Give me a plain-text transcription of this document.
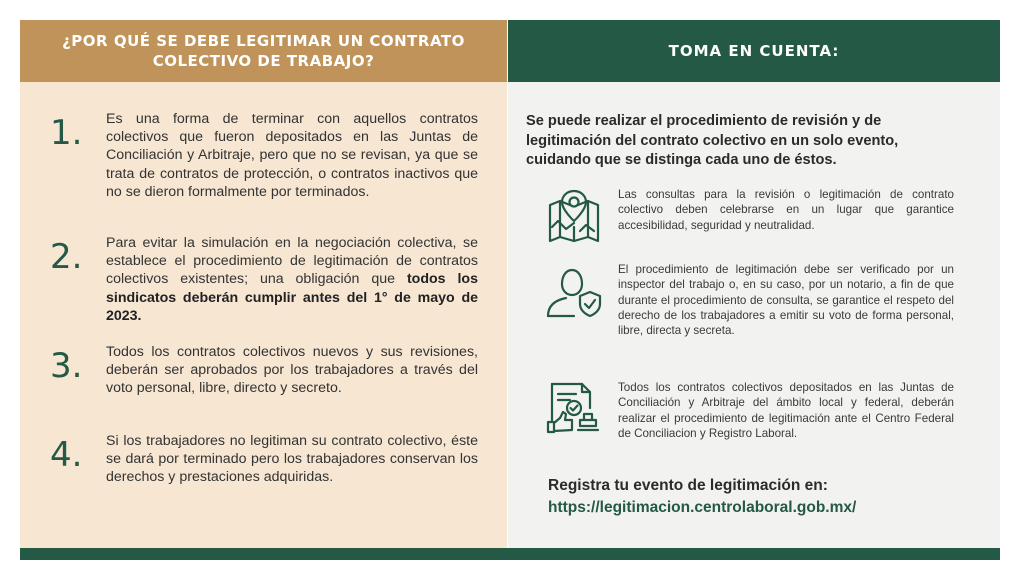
¿POR QUÉ SE DEBE LEGITIMAR UN CONTRATO COLECTIVO DE TRABAJO?
TOMA EN CUENTA:
1.	Es una forma de terminar con aquellos contratos colectivos que fueron depositados en las Juntas de Conciliación y Arbitraje, pero que no se revisan, ya que se trata de contratos de protección, o contratos inactivos que no se dieron formalmente por terminados.
2.	Para evitar la simulación en la negociación colectiva, se establece el procedimiento de legitimación de contratos colectivos existentes; una obligación que todos los sindicatos deberán cumplir antes del 1° de mayo de 2023.
3.	Todos los contratos colectivos nuevos y sus revisiones, deberán ser aprobados por los trabajadores a través del voto personal, libre, directo y secreto.
4.	Si los trabajadores no legitiman su contrato colectivo, éste se dará por terminado pero los trabajadores conservan los derechos y prestaciones adquiridas.
Se puede realizar el procedimiento de revisión y de legitimación del contrato colectivo en un solo evento, cuidando que se distinga cada uno de éstos.
Las consultas para la revisión o legitimación de contrato colectivo deben celebrarse en un lugar que garantice accesibilidad, seguridad y neutralidad.
El procedimiento de legitimación debe ser verificado por un inspector del trabajo o, en su caso, por un notario, a fin de que durante el procedimiento de consulta, se garantice el respeto del derecho de los trabajadores a emitir su voto de forma personal, libre, directa y secreta.
Todos los contratos colectivos depositados en las Juntas de Conciliación y Arbitraje del ámbito local y federal, deberán realizar el procedimiento de legitimación ante el Centro Federal de Conciliacion y Registro Laboral.
Registra tu evento de legitimación en:
https://legitimacion.centrolaboral.gob.mx/
